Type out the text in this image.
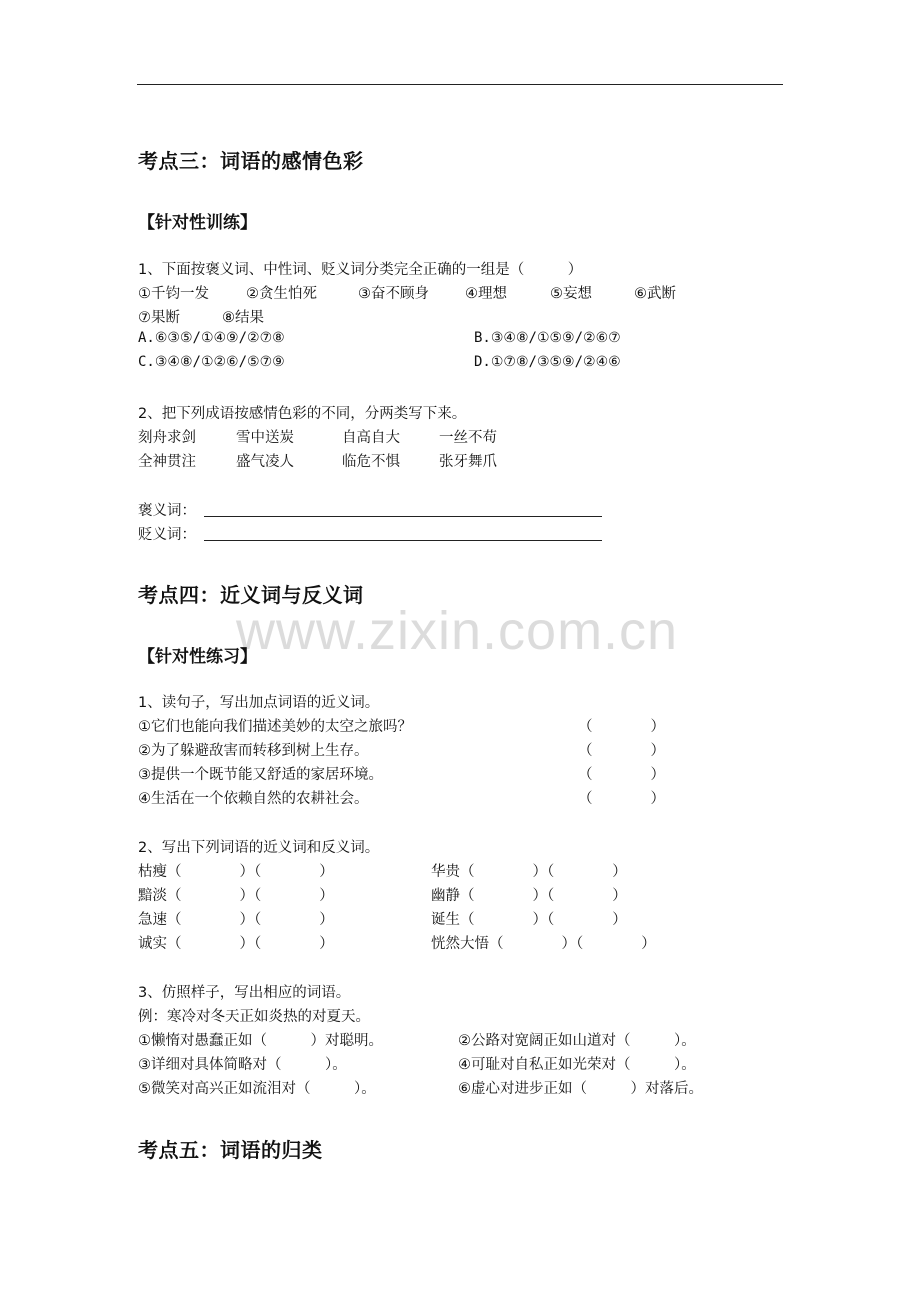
www.zixin.com.cn
考点三：词语的感情色彩
【针对性训练】
1、下面按褒义词、中性词、贬义词分类完全正确的一组是（　　　）
①千钧一发	②贪生怕死	③奋不顾身 ④理想	⑤妄想	⑥武断
⑦果断	⑧结果
A.⑥③⑤/①④⑨/②⑦⑧	B.③④⑧/①⑤⑨/②⑥⑦
C.③④⑧/①②⑥/⑤⑦⑨	D.①⑦⑧/③⑤⑨/②④⑥
2、把下列成语按感情色彩的不同，分两类写下来。
刻舟求剑	雪中送炭	自高自大	一丝不苟
全神贯注	盛气凌人	临危不惧	张牙舞爪
褒义词：
贬义词：
考点四：近义词与反义词
【针对性练习】
1、读句子，写出加点词语的近义词。
①它们也能向我们描述美妙的太空之旅吗？	（　　　　）
②为了躲避敌害而转移到树上生存。	（　　　　）
③提供一个既节能又舒适的家居环境。	（　　　　）
④生活在一个依赖自然的农耕社会。	（　　　　）
2、写出下列词语的近义词和反义词。
枯瘦（　　　　）（　　　　）	华贵（　　　　）（　　　　）
黯淡（　　　　）（　　　　）	幽静（　　　　）（　　　　）
急速（　　　　）（　　　　）	诞生（　　　　）（　　　　）
诚实（　　　　）（　　　　）	恍然大悟（　　　　）（　　　　）
3、仿照样子，写出相应的词语。
例：寒冷对冬天正如炎热的对夏天。
①懒惰对愚蠢正如（　　　）对聪明。	②公路对宽阔正如山道对（　　　）。
③详细对具体简略对（　　　）。	④可耻对自私正如光荣对（　　　）。
⑤微笑对高兴正如流泪对（　　　）。	⑥虚心对进步正如（　　　）对落后。
考点五：词语的归类
